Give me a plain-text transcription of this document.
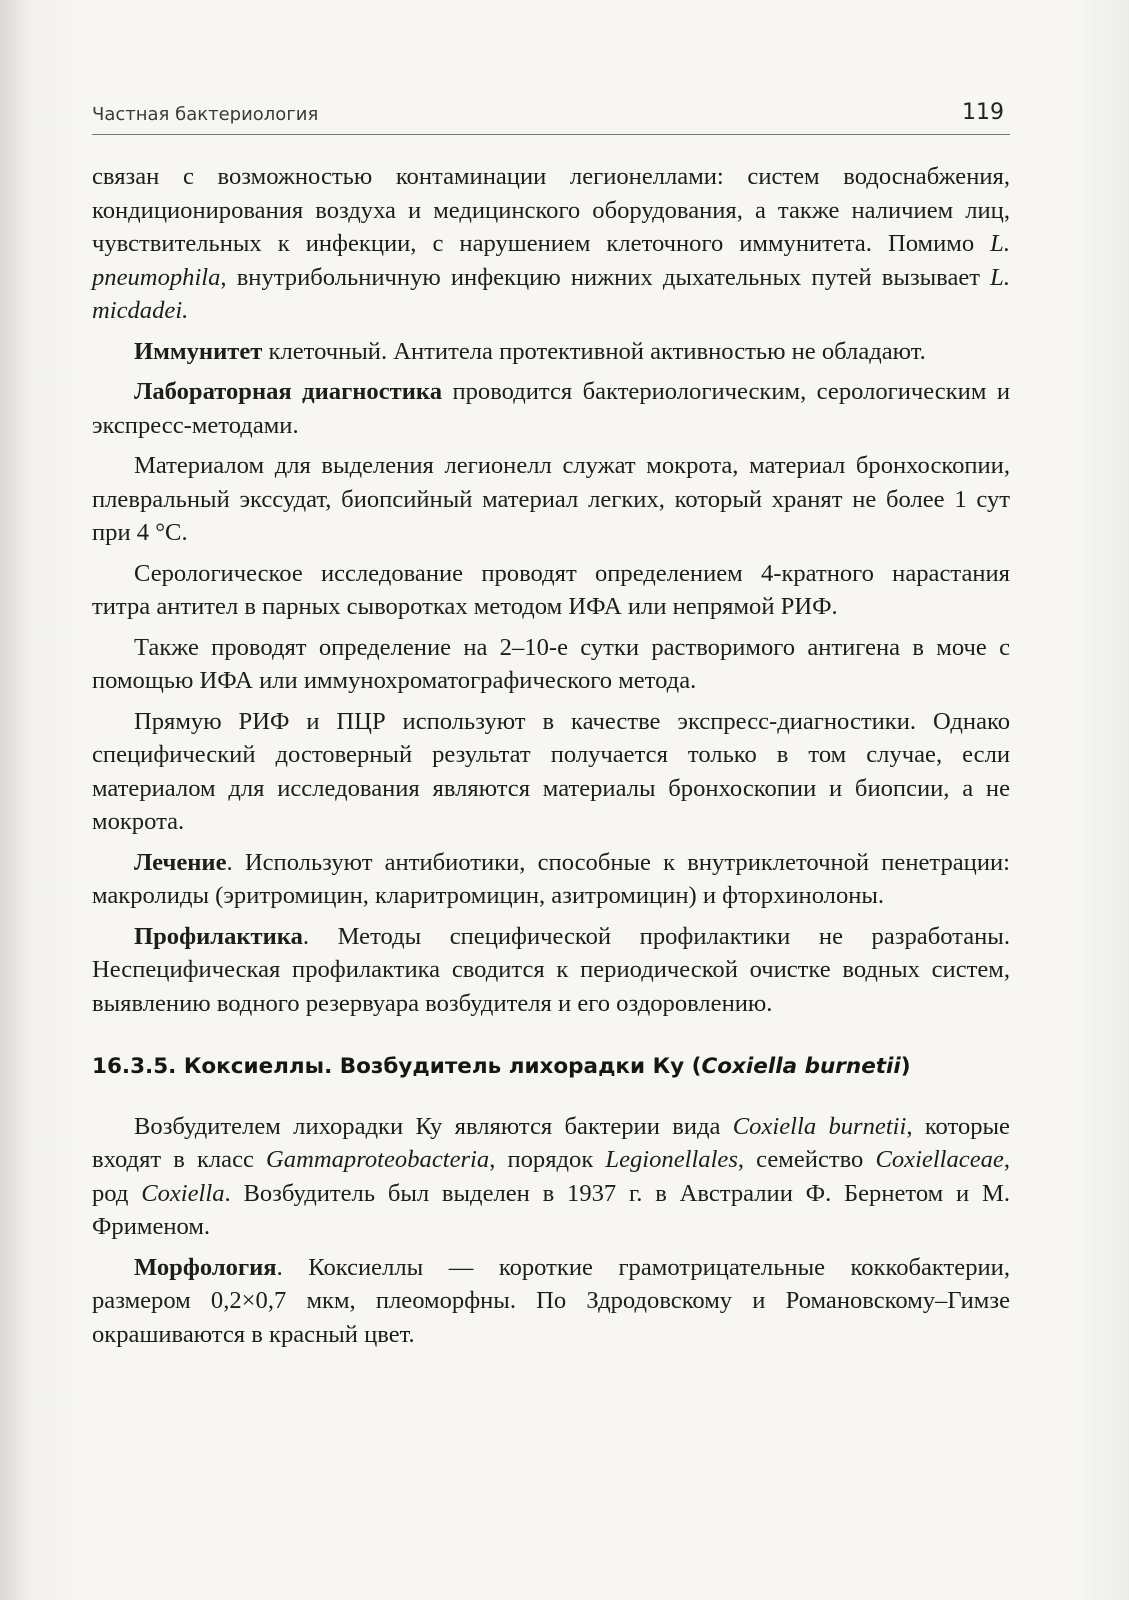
Частная бактериология	119

связан с возможностью контаминации легионеллами: систем водоснабжения, кондиционирования воздуха и медицинского оборудования, а также наличием лиц, чувствительных к инфекции, с нарушением клеточного иммунитета. Помимо L. pneumophila, внутрибольничную инфекцию нижних дыхательных путей вызывает L. micdadei.

Иммунитет клеточный. Антитела протективной активностью не обладают.

Лабораторная диагностика проводится бактериологическим, серологическим и экспресс-методами.

Материалом для выделения легионелл служат мокрота, материал бронхоскопии, плевральный экссудат, биопсийный материал легких, который хранят не более 1 сут при 4 °С.

Серологическое исследование проводят определением 4-кратного нарастания титра антител в парных сыворотках методом ИФА или непрямой РИФ.

Также проводят определение на 2–10-е сутки растворимого антигена в моче с помощью ИФА или иммунохроматографического метода.

Прямую РИФ и ПЦР используют в качестве экспресс-диагностики. Однако специфический достоверный результат получается только в том случае, если материалом для исследования являются материалы бронхоскопии и биопсии, а не мокрота.

Лечение. Используют антибиотики, способные к внутриклеточной пенетрации: макролиды (эритромицин, кларитромицин, азитромицин) и фторхинолоны.

Профилактика. Методы специфической профилактики не разработаны. Неспецифическая профилактика сводится к периодической очистке водных систем, выявлению водного резервуара возбудителя и его оздоровлению.

16.3.5. Коксиеллы. Возбудитель лихорадки Ку (Coxiella burnetii)

Возбудителем лихорадки Ку являются бактерии вида Coxiella burnetii, которые входят в класс Gammaproteobacteria, порядок Legionellales, семейство Coxiellaceae, род Coxiella. Возбудитель был выделен в 1937 г. в Австралии Ф. Бернетом и М. Фрименом.

Морфология. Коксиеллы — короткие грамотрицательные коккобактерии, размером 0,2×0,7 мкм, плеоморфны. По Здродовскому и Романовскому–Гимзе окрашиваются в красный цвет.
